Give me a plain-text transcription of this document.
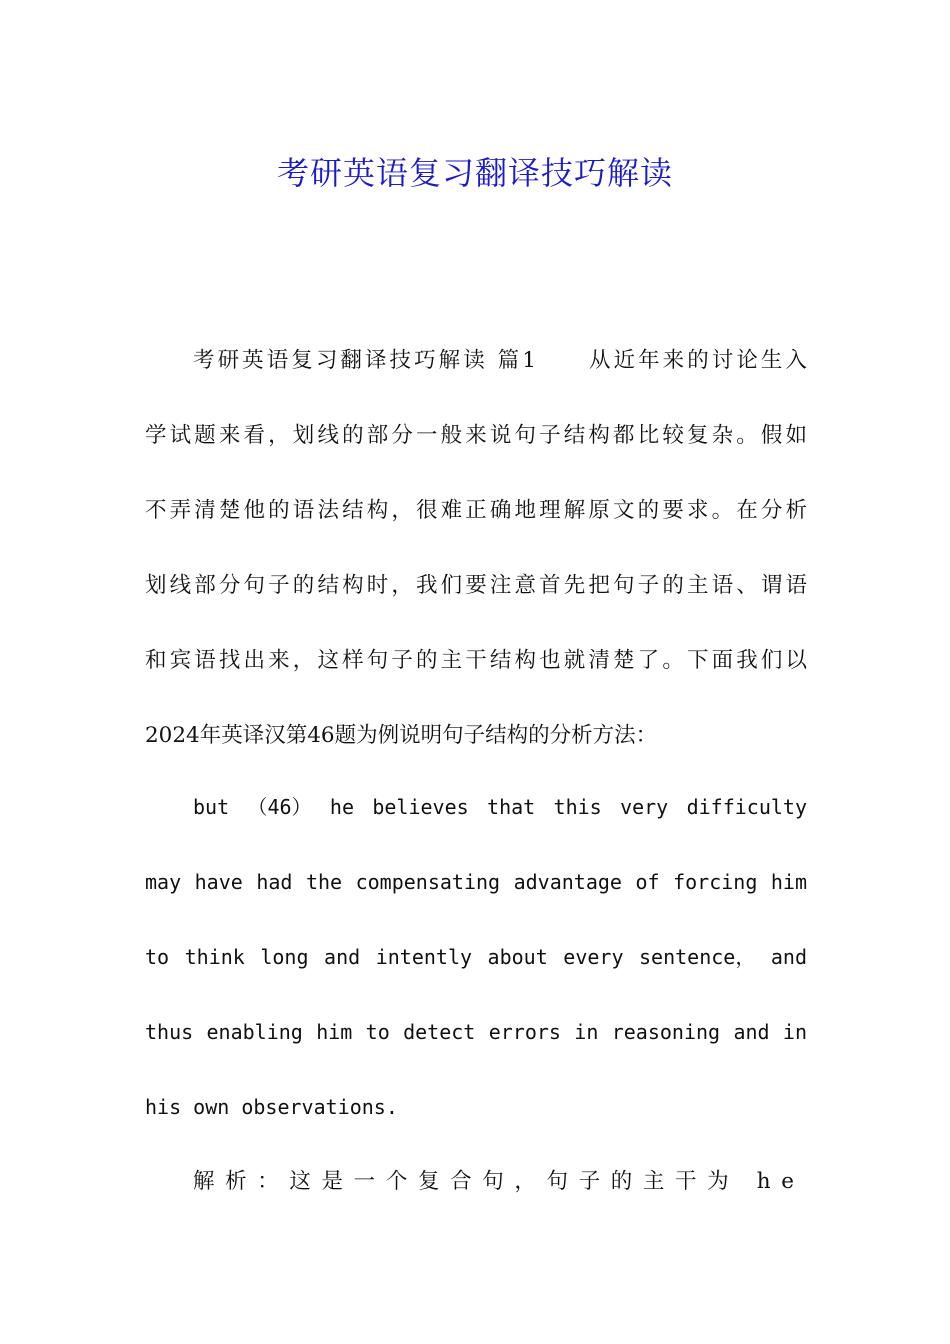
考研英语复习翻译技巧解读
考研英语复习翻译技巧解读 篇1 从近年来的讨论生入
学试题来看，划线的部分一般来说句子结构都比较复杂。假如
不弄清楚他的语法结构，很难正确地理解原文的要求。在分析
划线部分句子的结构时，我们要注意首先把句子的主语、谓语
和宾语找出来，这样句子的主干结构也就清楚了。下面我们以
2024年英译汉第46题为例说明句子结构的分析方法：
but （46） he believes that this very difficulty
may have had the compensating advantage of forcing him
to think long and intently about every sentence， and
thus enabling him to detect errors in reasoning and in
his own observations.
解析：这是一个复合句，句子的主干为 he
